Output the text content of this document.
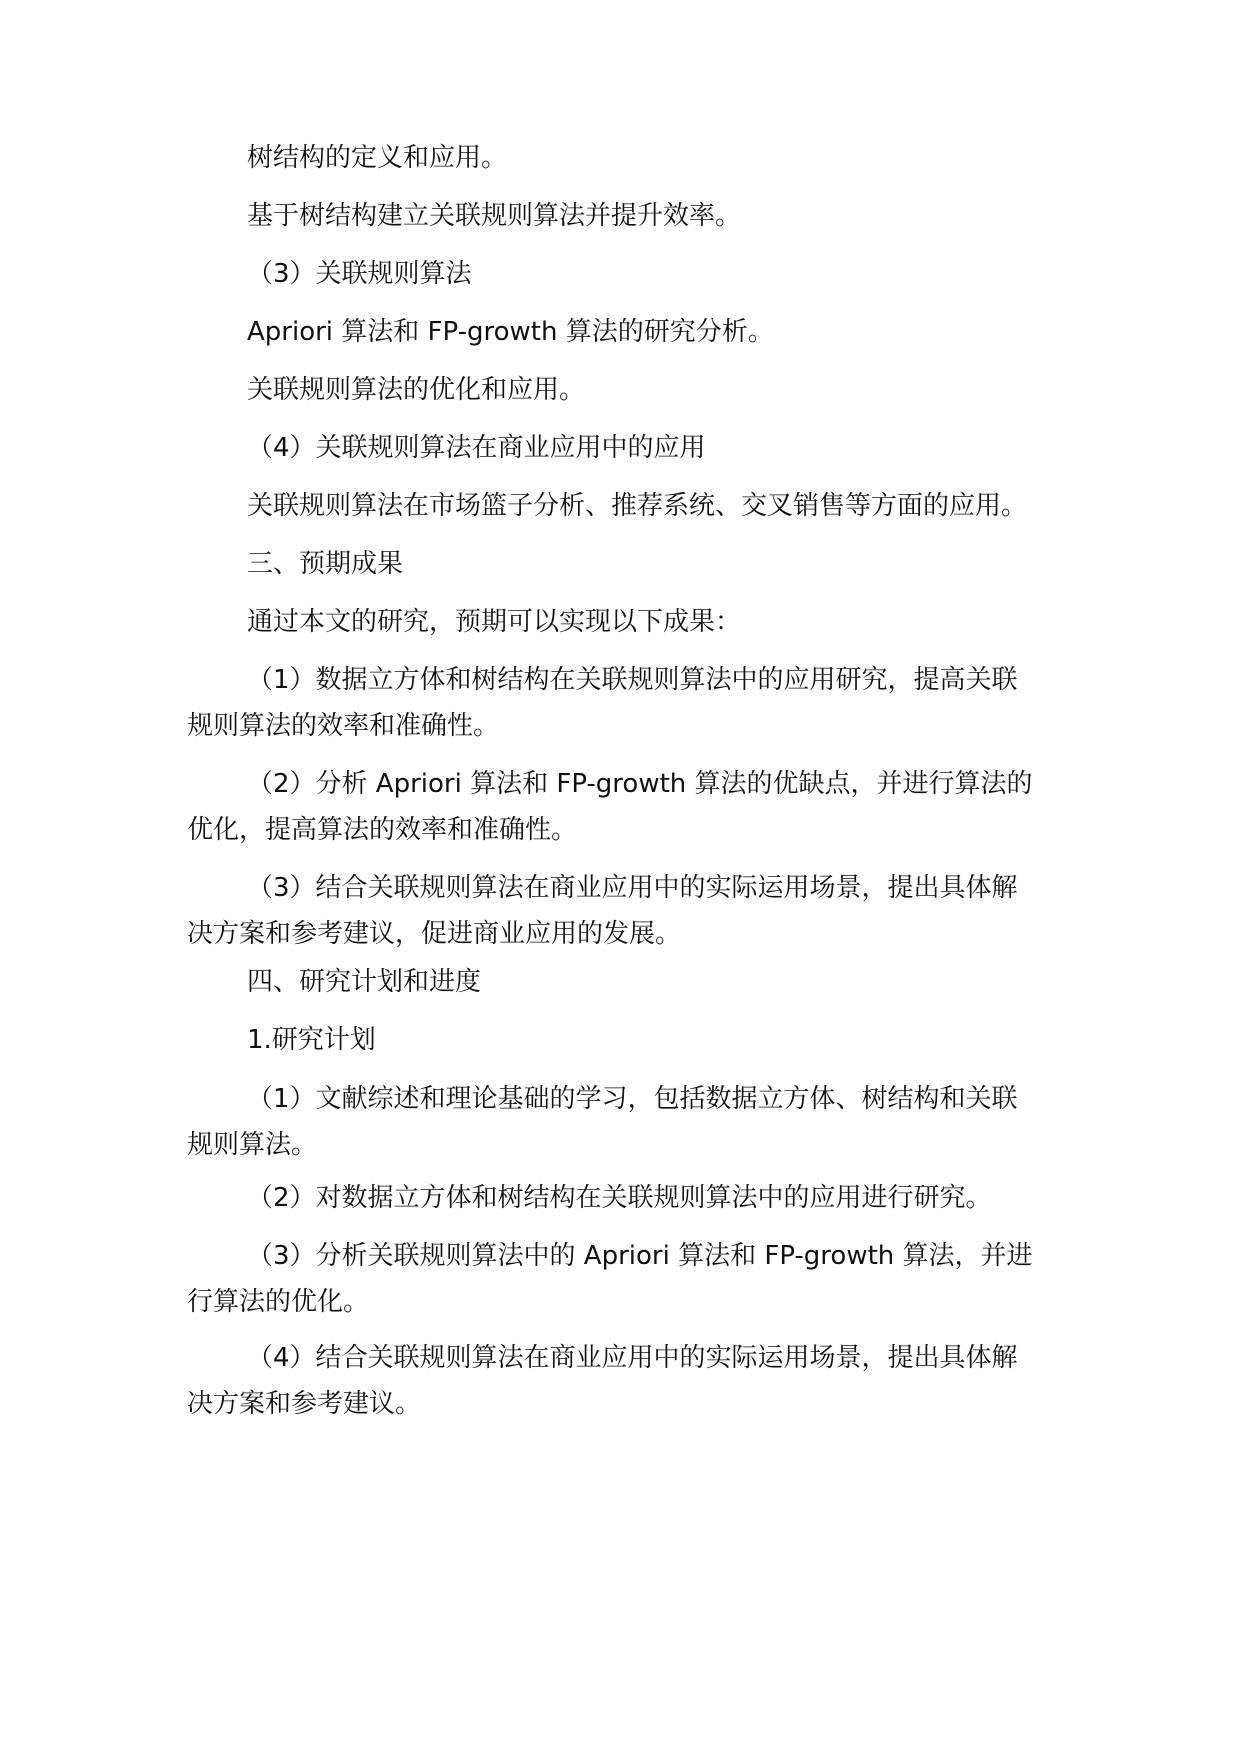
树结构的定义和应用。
基于树结构建立关联规则算法并提升效率。
（3）关联规则算法
Apriori 算法和 FP-growth 算法的研究分析。
关联规则算法的优化和应用。
（4）关联规则算法在商业应用中的应用
关联规则算法在市场篮子分析、推荐系统、交叉销售等方面的应用。
三、预期成果
通过本文的研究，预期可以实现以下成果：
（1）数据立方体和树结构在关联规则算法中的应用研究，提高关联
规则算法的效率和准确性。
（2）分析 Apriori 算法和 FP-growth 算法的优缺点，并进行算法的
优化，提高算法的效率和准确性。
（3）结合关联规则算法在商业应用中的实际运用场景，提出具体解
决方案和参考建议，促进商业应用的发展。
四、研究计划和进度
1.研究计划
（1）文献综述和理论基础的学习，包括数据立方体、树结构和关联
规则算法。
（2）对数据立方体和树结构在关联规则算法中的应用进行研究。
（3）分析关联规则算法中的 Apriori 算法和 FP-growth 算法，并进
行算法的优化。
（4）结合关联规则算法在商业应用中的实际运用场景，提出具体解
决方案和参考建议。
